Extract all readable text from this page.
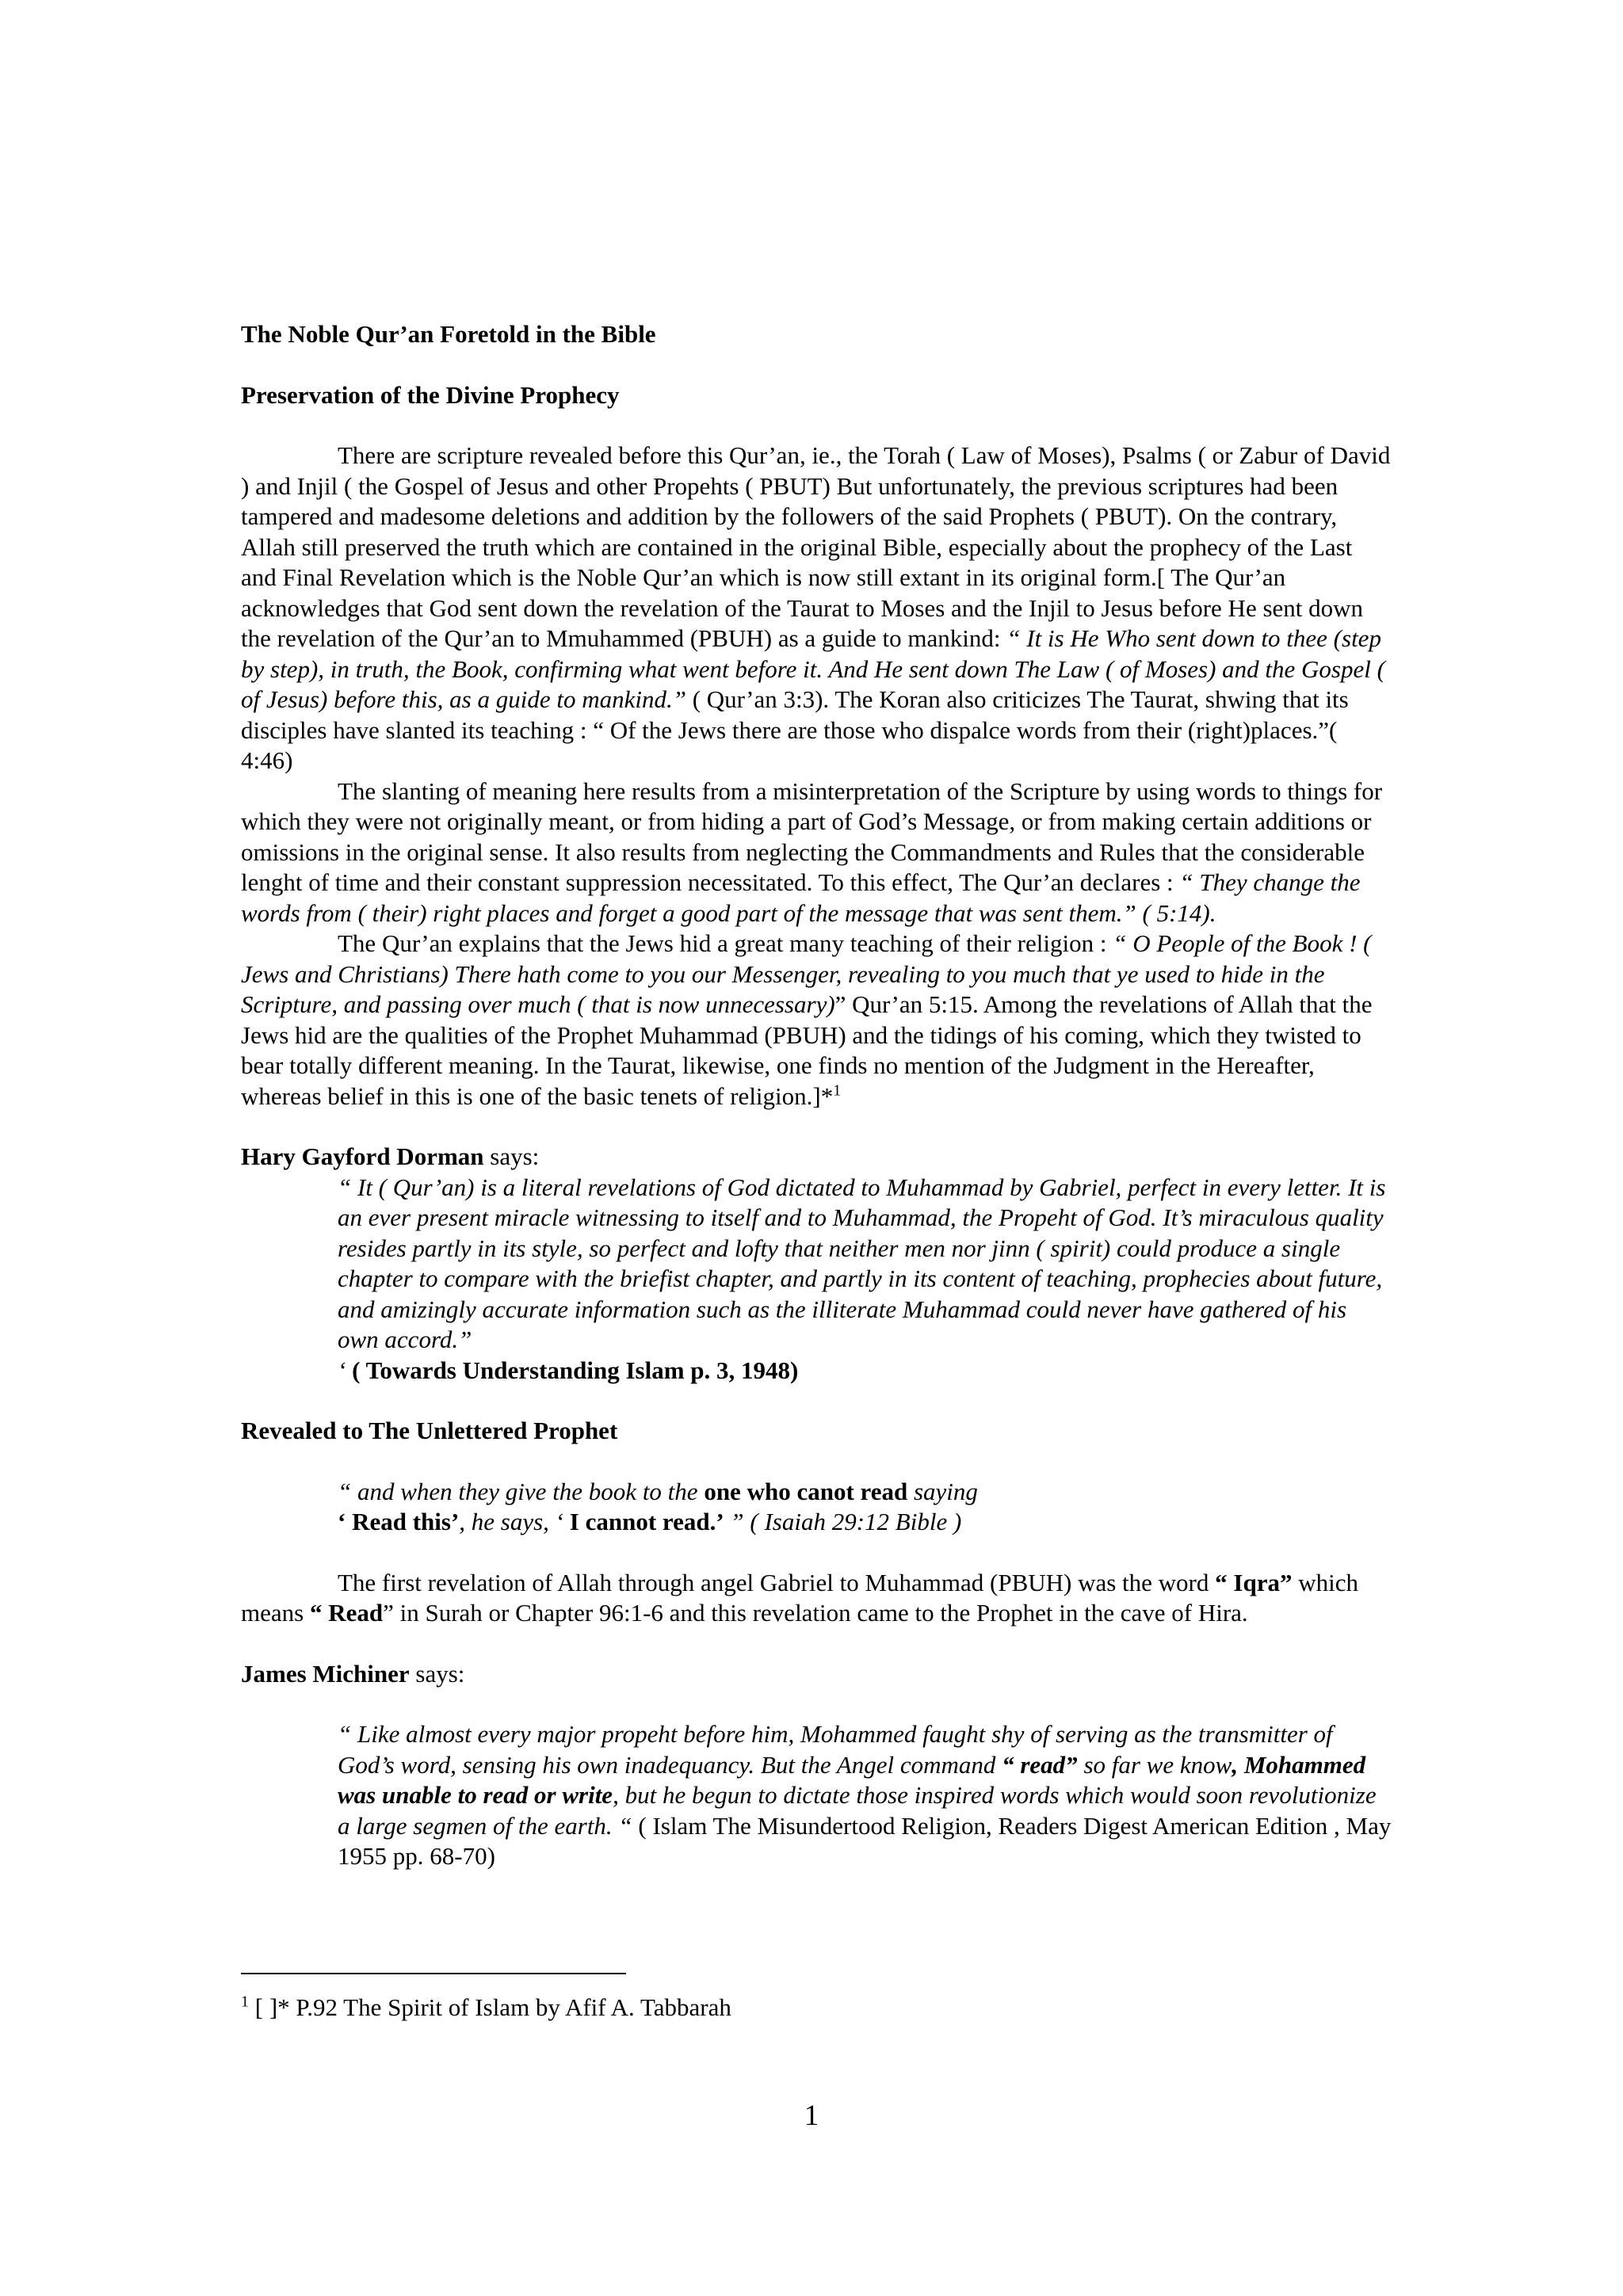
The Noble Qur’an Foretold in the Bible

Preservation of the Divine Prophecy

There are scripture revealed before this Qur’an, ie., the Torah ( Law of Moses), Psalms ( or Zabur of David ) and Injil ( the Gospel of Jesus and other Propehts ( PBUT) But unfortunately, the previous scriptures had been tampered and madesome deletions and addition by the followers of the said Prophets ( PBUT). On the contrary, Allah still preserved the truth which are contained in the original Bible, especially about the prophecy of the Last and Final Revelation which is the Noble Qur’an which is now still extant in its original form.[ The Qur’an acknowledges that God sent down the revelation of the Taurat to Moses and the Injil to Jesus before He sent down the revelation of the Qur’an to Mmuhammed (PBUH) as a guide to mankind: “ It is He Who sent down to thee (step by step), in truth, the Book, confirming what went before it. And He sent down The Law ( of Moses) and the Gospel ( of Jesus) before this, as a guide to mankind.” ( Qur’an 3:3). The Koran also criticizes The Taurat, shwing that its disciples have slanted its teaching : “ Of the Jews there are those who dispalce words from their (right)places.”( 4:46)

The slanting of meaning here results from a misinterpretation of the Scripture by using words to things for which they were not originally meant, or from hiding a part of God’s Message, or from making certain additions or omissions in the original sense. It also results from neglecting the Commandments and Rules that the considerable lenght of time and their constant suppression necessitated. To this effect, The Qur’an declares : “ They change the words from ( their) right places and forget a good part of the message that was sent them.” ( 5:14).

The Qur’an explains that the Jews hid a great many teaching of their religion : “ O People of the Book ! ( Jews and Christians) There hath come to you our Messenger, revealing to you much that ye used to hide in the Scripture, and passing over much ( that is now unnecessary)” Qur’an 5:15. Among the revelations of Allah that the Jews hid are the qualities of the Prophet Muhammad (PBUH) and the tidings of his coming, which they twisted to bear totally different meaning. In the Taurat, likewise, one finds no mention of the Judgment in the Hereafter, whereas belief in this is one of the basic tenets of religion.]*$^1$

Hary Gayford Dorman says:

“ It ( Qur’an) is a literal revelations of God dictated to Muhammad by Gabriel, perfect in every letter. It is an ever present miracle witnessing to itself and to Muhammad, the Propeht of God. It’s miraculous quality resides partly in its style, so perfect and lofty that neither men nor jinn ( spirit) could produce a single chapter to compare with the briefist chapter, and partly in its content of teaching, prophecies about future, and amizingly accurate information such as the illiterate Muhammad could never have gathered of his own accord.”

‘ ( Towards Understanding Islam p. 3, 1948)

Revealed to The Unlettered Prophet

“ and when they give the book to the one who canot read saying

‘ Read this’, he says, ‘ I cannot read.’ ” ( Isaiah 29:12 Bible )

The first revelation of Allah through angel Gabriel to Muhammad (PBUH) was the word “ Iqra” which means “ Read” in Surah or Chapter 96:1-6 and this revelation came to the Prophet in the cave of Hira.

James Michiner says:

“ Like almost every major propeht before him, Mohammed faught shy of serving as the transmitter of God’s word, sensing his own inadequancy. But the Angel command “ read” so far we know, Mohammed was unable to read or write, but he begun to dictate those inspired words which would soon revolutionize a large segmen of the earth. “ ( Islam The Misundertood Religion, Readers Digest American Edition , May 1955 pp. 68-70)

$^1$ [ ]* P.92 The Spirit of Islam by Afif A. Tabbarah

1
